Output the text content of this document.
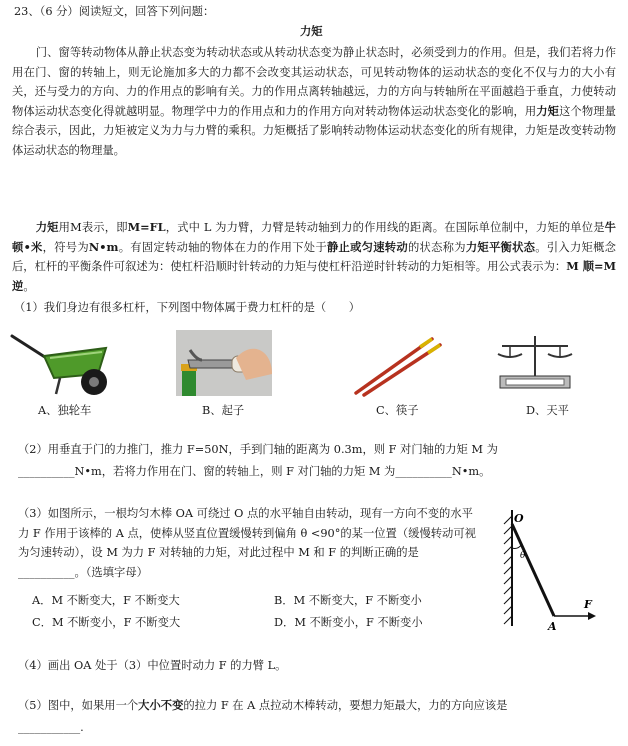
23、（6 分）阅读短文，回答下列问题：
力矩
门、窗等转动物体从静止状态变为转动状态或从转动状态变为静止状态时，必须受到力的作用。但是，我们若将力作用在门、窗的转轴上，则无论施加多大的力都不会改变其运动状态，可见转动物体的运动状态的变化不仅与力的大小有关，还与受力的方向、力的作用点的影响有关。力的作用点离转轴越远，力的方向与转轴所在平面越趋于垂直，力使转动物体运动状态变化得就越明显。物理学中力的作用点和力的作用方向对转动物体运动状态变化的影响，用力矩这个物理量综合表示，因此，力矩被定义为力与力臂的乘积。力矩概括了影响转动物体运动状态变化的所有规律，力矩是改变转动物体运动状态的物理量。
力矩用M表示，即M=FL，式中 L 为力臂，力臂是转动轴到力的作用线的距离。在国际单位制中，力矩的单位是牛顿•米，符号为N•m。有固定转动轴的物体在力的作用下处于静止或匀速转动的状态称为力矩平衡状态。引入力矩概念后，杠杆的平衡条件可叙述为：使杠杆沿顺时针转动的力矩与使杠杆沿逆时针转动的力矩相等。用公式表示为：M 顺=M 逆。
（1）我们身边有很多杠杆，下列图中物体属于费力杠杆的是（　　）
A、独轮车	B、起子	C、筷子	D、天平
（2）用垂直于门的力推门，推力 F=50N，手到门轴的距离为 0.3m，则 F 对门轴的力矩 M 为
__________N•m，若将力作用在门、窗的转轴上，则 F 对门轴的力矩 M 为__________N•m。
（3）如图所示，一根均匀木棒 OA 可绕过 O 点的水平轴自由转动，现有一方向不变的水平力 F 作用于该棒的 A 点，使棒从竖直位置缓慢转到偏角 θ <90°的某一位置（缓慢转动可视为匀速转动），设 M 为力 F 对转轴的力矩，对此过程中 M 和 F 的判断正确的是__________。（选填字母）
A．M 不断变大，F 不断变大	B．M 不断变大，F 不断变小
C．M 不断变小，F 不断变大	D．M 不断变小，F 不断变小
O
θ
A
F
（4）画出 OA 处于（3）中位置时动力 F 的力臂 L。
（5）图中，如果用一个大小不变的拉力 F 在 A 点拉动木棒转动，要想力矩最大，力的方向应该是
___________.
